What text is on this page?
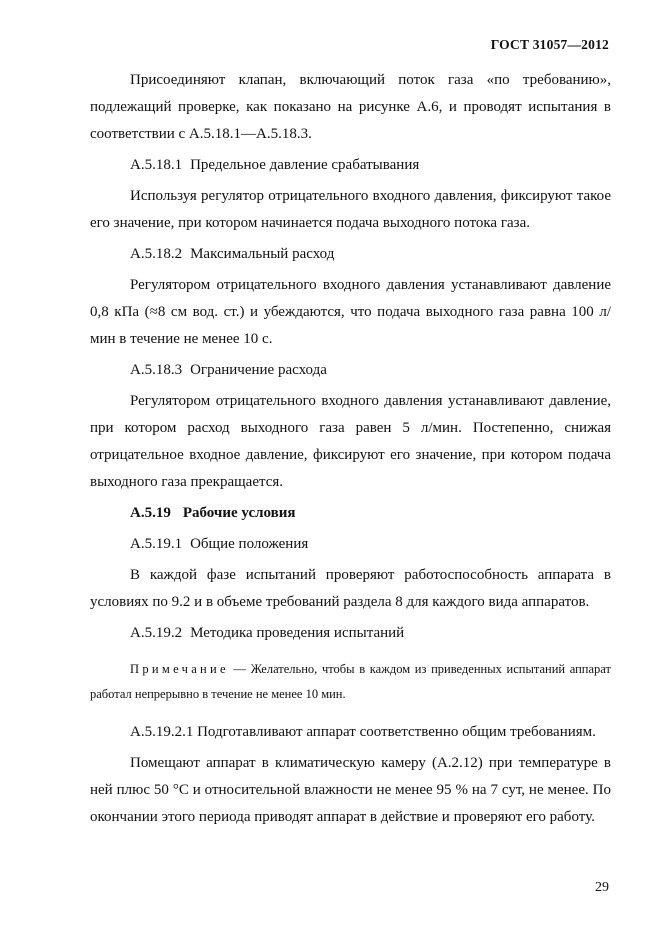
ГОСТ 31057—2012

Присоединяют клапан, включающий поток газа «по требованию», подлежащий проверке, как показано на рисунке А.6, и проводят испытания в соответствии с А.5.18.1—А.5.18.3.

А.5.18.1 Предельное давление срабатывания

Используя регулятор отрицательного входного давления, фиксируют такое его значение, при котором начинается подача выходного потока газа.

А.5.18.2 Максимальный расход

Регулятором отрицательного входного давления устанавливают давление 0,8 кПа (≈8 см вод. ст.) и убеждаются, что подача выходного газа равна 100 л/мин в течение не менее 10 с.

А.5.18.3 Ограничение расхода

Регулятором отрицательного входного давления устанавливают давление, при котором расход выходного газа равен 5 л/мин. Постепенно, снижая отрицательное входное давление, фиксируют его значение, при котором подача выходного газа прекращается.

А.5.19 Рабочие условия

А.5.19.1 Общие положения

В каждой фазе испытаний проверяют работоспособность аппарата в условиях по 9.2 и в объеме требований раздела 8 для каждого вида аппаратов.

А.5.19.2 Методика проведения испытаний

Примечание — Желательно, чтобы в каждом из приведенных испытаний аппарат работал непрерывно в течение не менее 10 мин.

А.5.19.2.1 Подготавливают аппарат соответственно общим требованиям.

Помещают аппарат в климатическую камеру (А.2.12) при температуре в ней плюс 50 °С и относительной влажности не менее 95 % на 7 сут, не менее. По окончании этого периода приводят аппарат в действие и проверяют его работу.

29
